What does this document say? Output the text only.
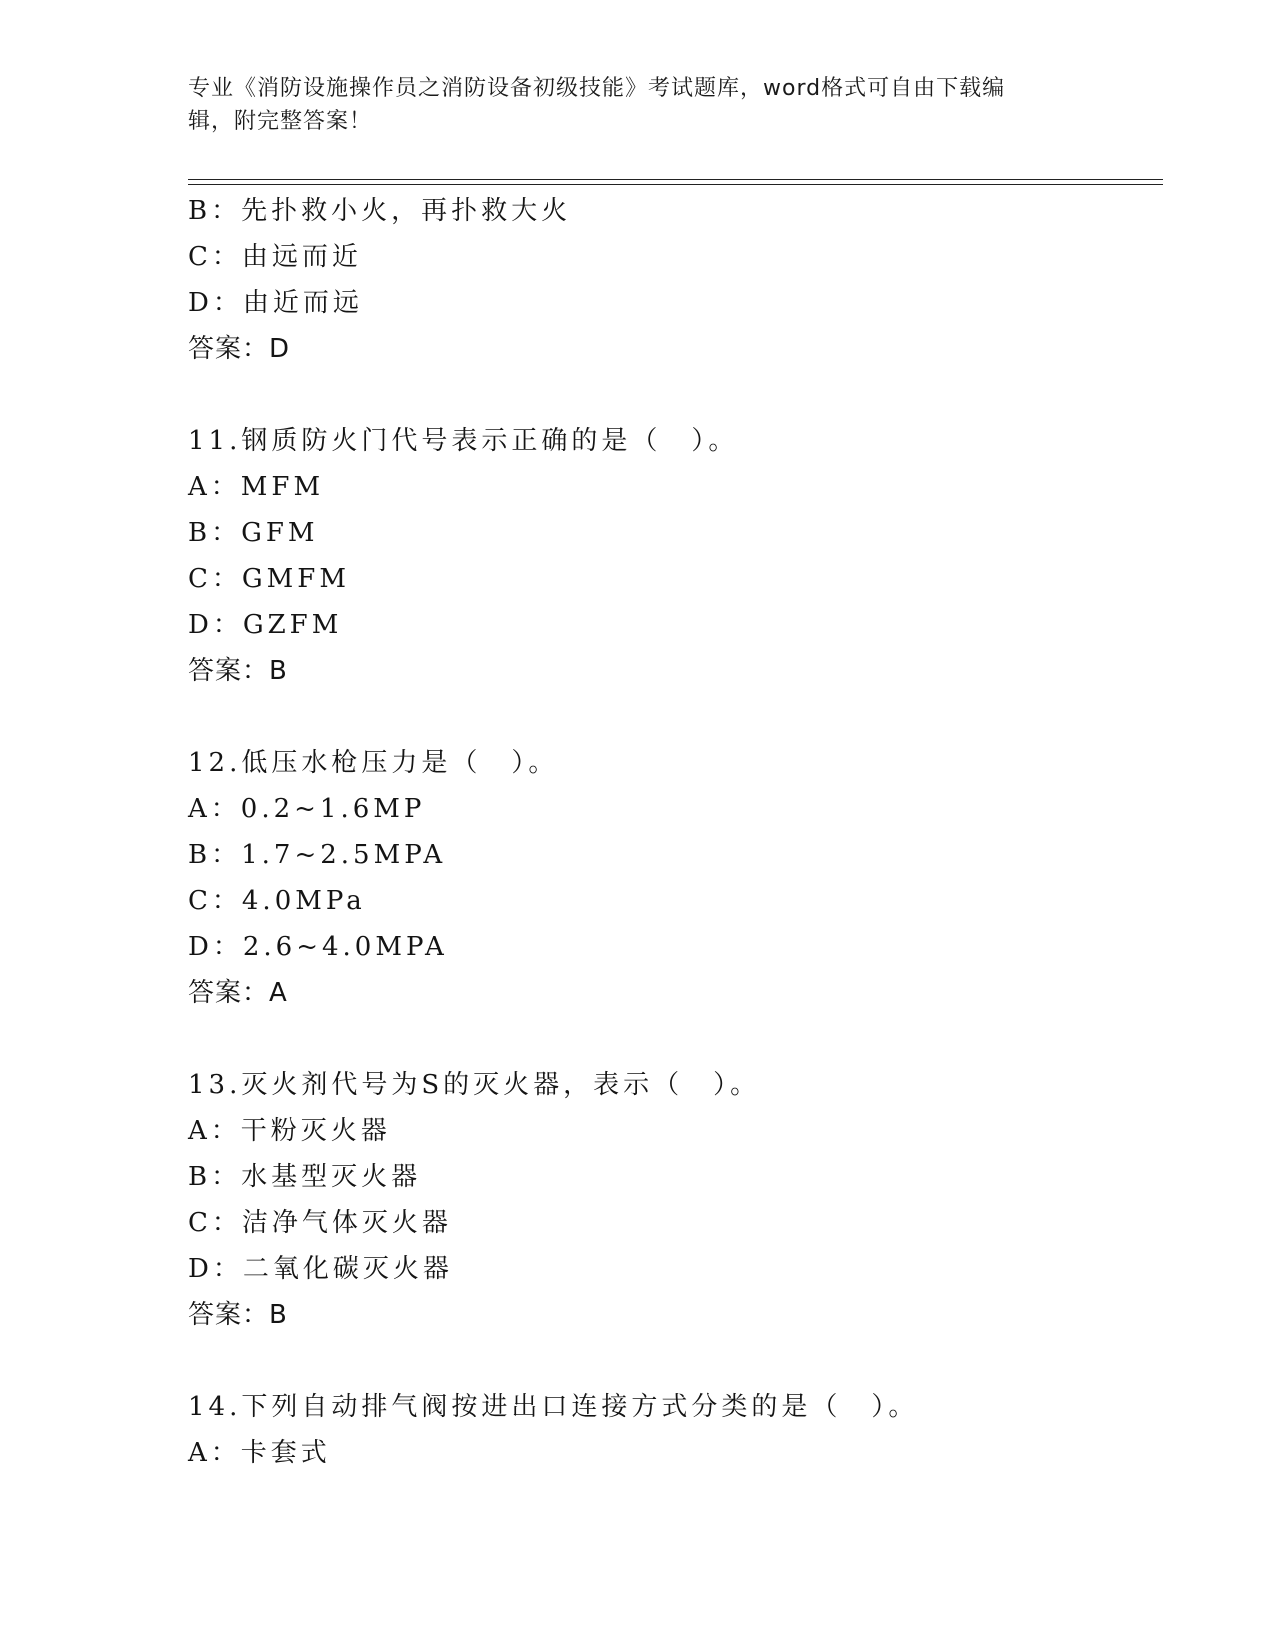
专业《消防设施操作员之消防设备初级技能》考试题库，word格式可自由下载编
辑，附完整答案！
B：先扑救小火，再扑救大火
C：由远而近
D：由近而远
答案：D
11.钢质防火门代号表示正确的是（　）。
A：MFM
B：GFM
C：GMFM
D：GZFM
答案：B
12.低压水枪压力是（　）。
A：0.2~1.6MP
B：1.7~2.5MPA
C：4.0MPa
D：2.6~4.0MPA
答案：A
13.灭火剂代号为S的灭火器，表示（　）。
A：干粉灭火器
B：水基型灭火器
C：洁净气体灭火器
D：二氧化碳灭火器
答案：B
14.下列自动排气阀按进出口连接方式分类的是（　）。
A：卡套式
